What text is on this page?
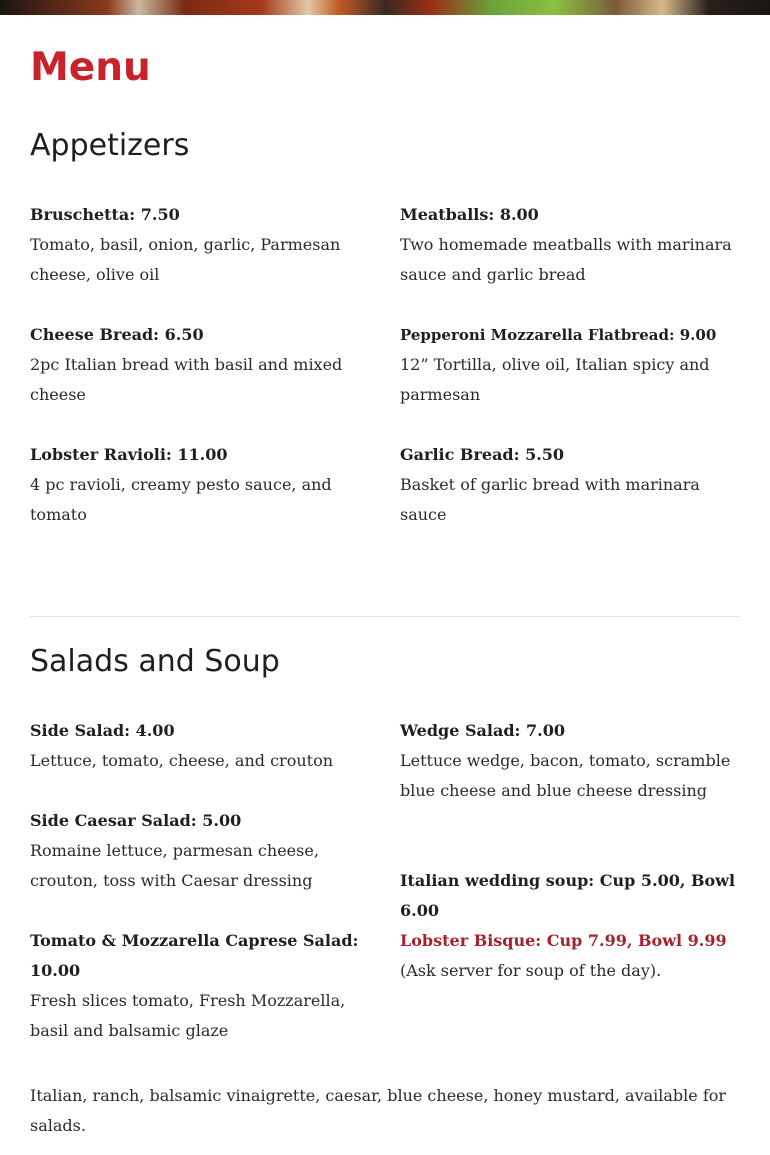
Menu
Appetizers
Bruschetta: 7.50
Tomato, basil, onion, garlic, Parmesan cheese, olive oil
Cheese Bread: 6.50
2pc Italian bread with basil and mixed cheese
Lobster Ravioli: 11.00
4 pc ravioli, creamy pesto sauce, and tomato
Meatballs: 8.00
Two homemade meatballs with marinara sauce and garlic bread
Pepperoni Mozzarella Flatbread: 9.00
12” Tortilla, olive oil, Italian spicy and parmesan
Garlic Bread: 5.50
Basket of garlic bread with marinara sauce
Salads and Soup
Side Salad: 4.00
Lettuce, tomato, cheese, and crouton
Side Caesar Salad: 5.00
Romaine lettuce, parmesan cheese, crouton, toss with Caesar dressing
Tomato & Mozzarella Caprese Salad: 10.00
Fresh slices tomato, Fresh Mozzarella, basil and balsamic glaze
Wedge Salad: 7.00
Lettuce wedge, bacon, tomato, scramble blue cheese and blue cheese dressing
Italian wedding soup: Cup 5.00, Bowl 6.00
Lobster Bisque: Cup 7.99, Bowl 9.99
(Ask server for soup of the day).
Italian, ranch, balsamic vinaigrette, caesar, blue cheese, honey mustard, available for salads.
